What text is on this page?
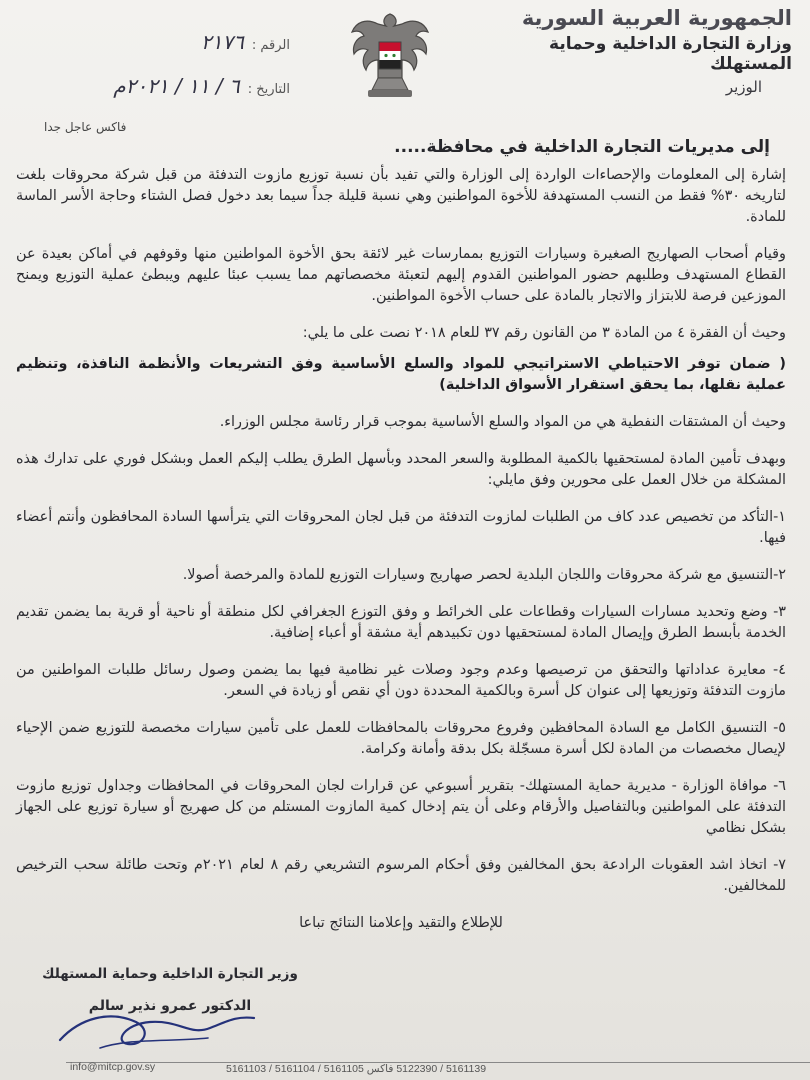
الجمهورية العربية السورية
وزارة التجارة الداخلية وحماية المستهلك
الوزير
الرقم :
٢١٧٦
التاريخ :
٦ / ١١ / ٢٠٢١م
فاكس عاجل جدا
إلى مديريات التجارة الداخلية في محافظة.....

إشارة إلى المعلومات والإحصاءات الواردة إلى الوزارة والتي تفيد بأن نسبة توزيع مازوت التدفئة من قبل شركة محروقات بلغت لتاريخه ٣٠% فقط من النسب المستهدفة للأخوة المواطنين وهي نسبة قليلة جداً سيما بعد دخول فصل الشتاء وحاجة الأسر الماسة للمادة.

وقيام أصحاب الصهاريج الصغيرة وسيارات التوزيع بممارسات غير لائقة بحق الأخوة المواطنين منها وقوفهم في أماكن بعيدة عن القطاع المستهدف وطلبهم حضور المواطنين القدوم إليهم لتعبئة مخصصاتهم مما يسبب عبئا عليهم ويبطئ عملية التوزيع ويمنح الموزعين فرصة للابتزاز والاتجار بالمادة على حساب الأخوة المواطنين.

وحيث أن الفقرة ٤ من المادة ٣ من القانون رقم ٣٧ للعام ٢٠١٨ نصت على ما يلي:

( ضمان توفر الاحتياطي الاستراتيجي للمواد والسلع الأساسية وفق التشريعات والأنظمة النافذة، وتنظيم عملية نقلها، بما يحقق استقرار الأسواق الداخلية)

وحيث أن المشتقات النفطية هي من المواد والسلع الأساسية بموجب قرار رئاسة مجلس الوزراء.

وبهدف تأمين المادة لمستحقيها بالكمية المطلوبة والسعر المحدد وبأسهل الطرق يطلب إليكم العمل وبشكل فوري على تدارك هذه المشكلة من خلال العمل على محورين وفق مايلي:

١-التأكد من تخصيص عدد كاف من الطلبات لمازوت التدفئة من قبل لجان المحروقات التي يترأسها السادة المحافظون وأنتم أعضاء فيها.

٢-التنسيق مع شركة محروقات واللجان البلدية لحصر صهاريج وسيارات التوزيع للمادة والمرخصة أصولا.

٣- وضع وتحديد مسارات السيارات وقطاعات على الخرائط و وفق التوزع الجغرافي لكل منطقة أو ناحية أو قرية بما يضمن تقديم الخدمة بأبسط الطرق وإيصال المادة لمستحقيها دون تكبيدهم أية مشقة أو أعباء إضافية.

٤- معايرة عداداتها والتحقق من ترصيصها وعدم وجود وصلات غير نظامية فيها بما يضمن وصول رسائل طلبات المواطنين من مازوت التدفئة وتوزيعها إلى عنوان كل أسرة وبالكمية المحددة دون أي نقص أو زيادة في السعر.

٥- التنسيق الكامل مع السادة المحافظين وفروع محروقات بالمحافظات للعمل على تأمين سيارات مخصصة للتوزيع ضمن الإحياء لإيصال مخصصات من المادة لكل أسرة مسجّلة بكل بدقة وأمانة وكرامة.

٦- موافاة الوزارة - مديرية حماية المستهلك- بتقرير أسبوعي عن قرارات لجان المحروقات في المحافظات وجداول توزيع مازوت التدفئة على المواطنين وبالتفاصيل والأرقام وعلى أن يتم إدخال كمية المازوت المستلم من كل صهريج أو سيارة توزيع على الجهاز بشكل نظامي

٧- اتخاذ اشد العقوبات الرادعة بحق المخالفين وفق أحكام المرسوم التشريعي رقم ٨ لعام ٢٠٢١م وتحت طائلة سحب الترخيص للمخالفين.

للإطلاع والتقيد وإعلامنا النتائج تباعا

وزير التجارة الداخلية وحماية المستهلك
الدكتور عمرو نذير سالم
info@mitcp.gov.sy	5161139 / 5122390 فاكس 5161105 / 5161104 / 5161103
